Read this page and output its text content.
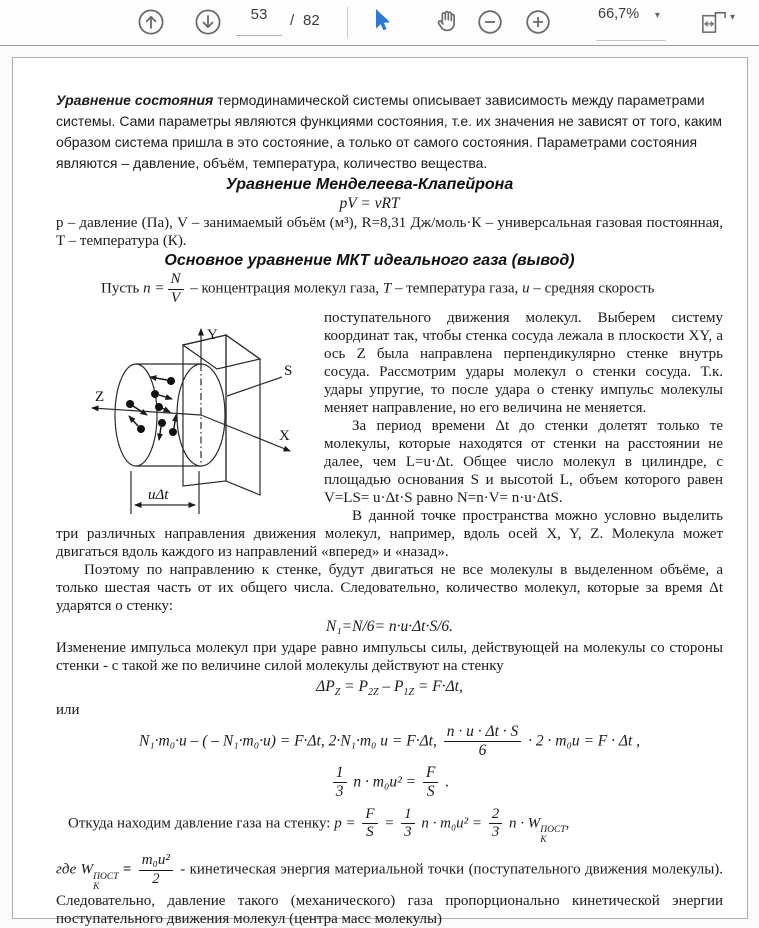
53	/ 82	66,7% ▾	▾

Уравнение состояния термодинамической системы описывает зависимость между параметрами системы. Сами параметры являются функциями состояния, т.е. их значения не зависят от того, каким образом система пришла в это состояние, а только от самого состояния. Параметрами состояния являются – давление, объём, температура, количество вещества.

Уравнение Менделеева-Клапейрона
pV = νRT

p – давление (Па), V – занимаемый объём (м³), R=8,31 Дж/моль·К – универсальная газовая постоянная, T – температура (К).

Основное уравнение МКТ идеального газа (вывод)
Пусть $n = \frac{N}{V}$ – концентрация молекул газа, T – температура газа, u – средняя скорость
Y
Z
X
S
uΔt

поступательного движения молекул. Выберем систему координат так, чтобы стенка сосуда лежала в плоскости XY, а ось Z была направлена перпендикулярно стенке внутрь сосуда. Рассмотрим удары молекул о стенки сосуда. Т.к. удары упругие, то после удара о стенку импульс молекулы меняет направление, но его величина не меняется.

За период времени Δt до стенки долетят только те молекулы, которые находятся от стенки на расстоянии не далее, чем L=u·Δt. Общее число молекул в цилиндре, с площадью основания S и высотой L, объем которого равен V=LS= u·Δt·S равно N=n·V= n·u·ΔtS.

В данной точке пространства можно условно выделить три различных направления движения молекул, например, вдоль осей X, Y, Z. Молекула может двигаться вдоль каждого из направлений «вперед» и «назад».

Поэтому по направлению к стенке, будут двигаться не все молекулы в выделенном объёме, а только шестая часть от их общего числа. Следовательно, количество молекул, которые за время Δt ударятся о стенку:

N₁=N/6= n·u·Δt·S/6.

Изменение импульса молекул при ударе равно импульсы силы, действующей на молекулы со стороны стенки - с такой же по величине силой молекулы действуют на стенку

$\Delta P_Z = P_{2Z} - P_{1Z} = F\cdot\Delta t$,

или

N₁·m₀·u – ( – N₁·m₀·u) = F·Δt, 2·N₁·m₀ u = F·Δt, $\frac{n \cdot u \cdot \Delta t \cdot S}{6} \cdot 2 \cdot m_0u = F \cdot \Delta t$ ,
$\frac{1}{3}$ $n \cdot m_0u^2 = \frac{F}{S}$ .
Откуда находим давление газа на стенку: $p = \frac{F}{S} = \frac{1}{3}$ $n \cdot m_0u^2 = \frac{2}{3}$ n · W ПОСТ
K
,
где W ПОСТ
K
= $\frac{\text{m₀u²}}{2}$ - кинетическая энергия материальной точки (поступательного движения молекулы). Следовательно, давление такого (механического) газа пропорционально кинетической энергии поступательного движения молекул (центра масс молекулы)
